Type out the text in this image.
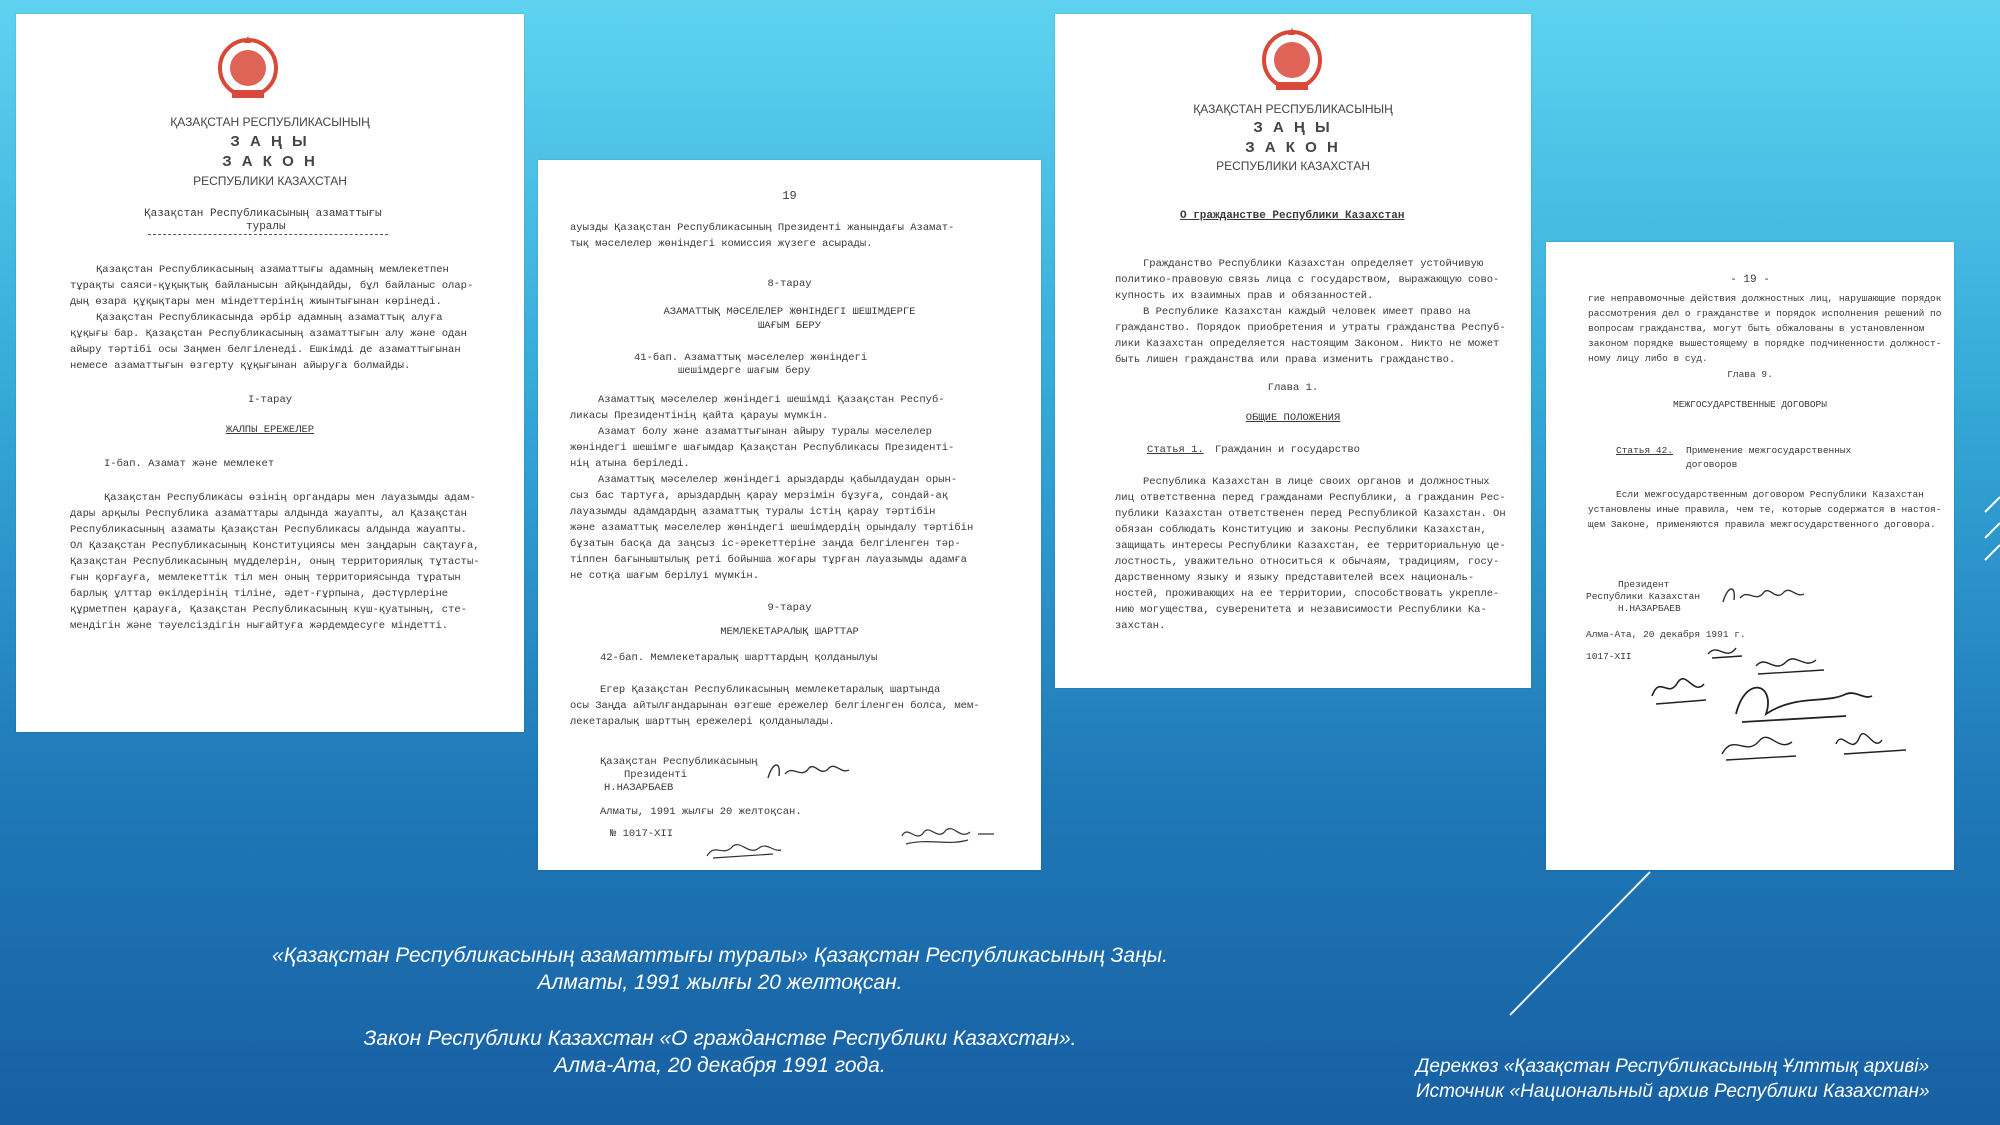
ҚАЗАҚСТАН РЕСПУБЛИКАСЫНЫҢ
З А Ң Ы
З А К О Н
РЕСПУБЛИКИ КАЗАХСТАН
Қазақстан Республикасының азаматтығы
туралы
Қазақстан Республикасының азаматтығы адамның мемлекетпен
тұрақты саяси-құқықтық байланысын айқындайды, бұл байланыс олар-
дың өзара құқықтары мен міндеттерінің жиынтығынан көрінеді.
Қазақстан Республикасында әрбір адамның азаматтық алуға
құқығы бар. Қазақстан Республикасының азаматтығын алу және одан
айыру тәртібі осы Заңмен белгіленеді. Ешкімді де азаматтығынан
немесе азаматтығын өзгерту құқығынан айыруға болмайды.
I-тарау
ЖАЛПЫ ЕРЕЖЕЛЕР
I-бап. Азамат және мемлекет
Қазақстан Республикасы өзінің органдары мен лауазымды адам-
дары арқылы Республика азаматтары алдында жауапты, ал Қазақстан
Республикасының азаматы Қазақстан Республикасы алдында жауапты.
Ол Қазақстан Республикасының Конституциясы мен заңдарын сақтауға,
Қазақстан Республикасының мүдделерін, оның территориялық тұтасты-
ғын қорғауға, мемлекеттік тіл мен оның территориясында тұратын
барлық ұлттар өкілдерінің тіліне, әдет-ғұрпына, дәстүрлеріне
құрметпен қарауға, Қазақстан Республикасының күш-қуатының, сте-
мендігін және тәуелсіздігін нығайтуға жәрдемдесуге міндетті.
19
ауызды Қазақстан Республикасының Президенті жанындағы Азамат-
тық мәселелер жөніндегі комиссия жүзеге асырады.
8-тарау
АЗАМАТТЫҚ МӘСЕЛЕЛЕР ЖӨНІНДЕГІ ШЕШІМДЕРГЕ
ШАҒЫМ БЕРУ
41-бап. Азаматтық мәселелер жөніндегі
шешімдерге шағым беру
Азаматтық мәселелер жөніндегі шешімді Қазақстан Респуб-
ликасы Президентінің қайта қарауы мүмкін.
Азамат болу және азаматтығынан айыру туралы мәселелер
жөніндегі шешімге шағымдар Қазақстан Республикасы Президенті-
нің атына беріледі.
Азаматтық мәселелер жөніндегі арыздарды қабылдаудан орын-
сыз бас тартуға, арыздардың қарау мерзімін бұзуға, сондай-ақ
лауазымды адамдардың азаматтық туралы істің қарау тәртібін
және азаматтық мәселелер жөніндегі шешімдердің орындалу тәртібін
бұзатын басқа да заңсыз іс-әрекеттеріне заңда белгіленген тәр-
тіппен бағыныштылық реті бойынша жоғары тұрған лауазымды адамға
не сотқа шағым берілуі мүмкін.
9-тарау
МЕМЛЕКЕТАРАЛЫҚ ШАРТТАР
42-бап. Мемлекетаралық шарттардың қолданылуы
Егер Қазақстан Республикасының мемлекетаралық шартында
осы Заңда айтылғандарынан өзгеше ережелер белгіленген болса, мем-
лекетаралық шарттың ережелері қолданылады.
Қазақстан Республикасының
Президенті
Н.НАЗАРБАЕВ
Алматы, 1991 жылғы 20 желтоқсан.
№ 1017-XII
ҚАЗАҚСТАН РЕСПУБЛИКАСЫНЫҢ
З А Ң Ы
З А К О Н
РЕСПУБЛИКИ КАЗАХСТАН
О гражданстве Республики Казахстан
Гражданство Республики Казахстан определяет устойчивую
политико-правовую связь лица с государством, выражающую сово-
купность их взаимных прав и обязанностей.
В Республике Казахстан каждый человек имеет право на
гражданство. Порядок приобретения и утраты гражданства Респуб-
лики Казахстан определяется настоящим Законом. Никто не может
быть лишен гражданства или права изменить гражданство.
Глава 1.
ОБЩИЕ ПОЛОЖЕНИЯ
Статья 1. Гражданин и государство
Республика Казахстан в лице своих органов и должностных
лиц ответственна перед гражданами Республики, а гражданин Рес-
публики Казахстан ответственен перед Республикой Казахстан. Он
обязан соблюдать Конституцию и законы Республики Казахстан,
защищать интересы Республики Казахстан, ее территориальную це-
лостность, уважительно относиться к обычаям, традициям, госу-
дарственному языку и языку представителей всех националь-
ностей, проживающих на ее территории, способствовать укрепле-
нию могущества, суверенитета и независимости Республики Ка-
захстан.
- 19 -
гие неправомочные действия должностных лиц, нарушающие порядок
рассмотрения дел о гражданстве и порядок исполнения решений по
вопросам гражданства, могут быть обжалованы в установленном
законом порядке вышестоящему в порядке подчиненности должност-
ному лицу либо в суд.
Глава 9.
МЕЖГОСУДАРСТВЕННЫЕ ДОГОВОРЫ
Статья 42. Применение межгосударственных
договоров
Если межгосударственным договором Республики Казахстан
установлены иные правила, чем те, которые содержатся в настоя-
щем Законе, применяются правила межгосударственного договора.
Президент
Республики Казахстан
Н.НАЗАРБАЕВ
Алма-Ата, 20 декабря 1991 г.
1017-XII
«Қазақстан Республикасының азаматтығы туралы» Қазақстан Республикасының Заңы.
Алматы, 1991 жылғы 20 желтоқсан.
Закон Республики Казахстан «О гражданстве Республики Казахстан».
Алма-Ата, 20 декабря 1991 года.	Дереккөз «Қазақстан Республикасының Ұлттық архиві»
Источник «Национальный архив Республики Казахстан»
